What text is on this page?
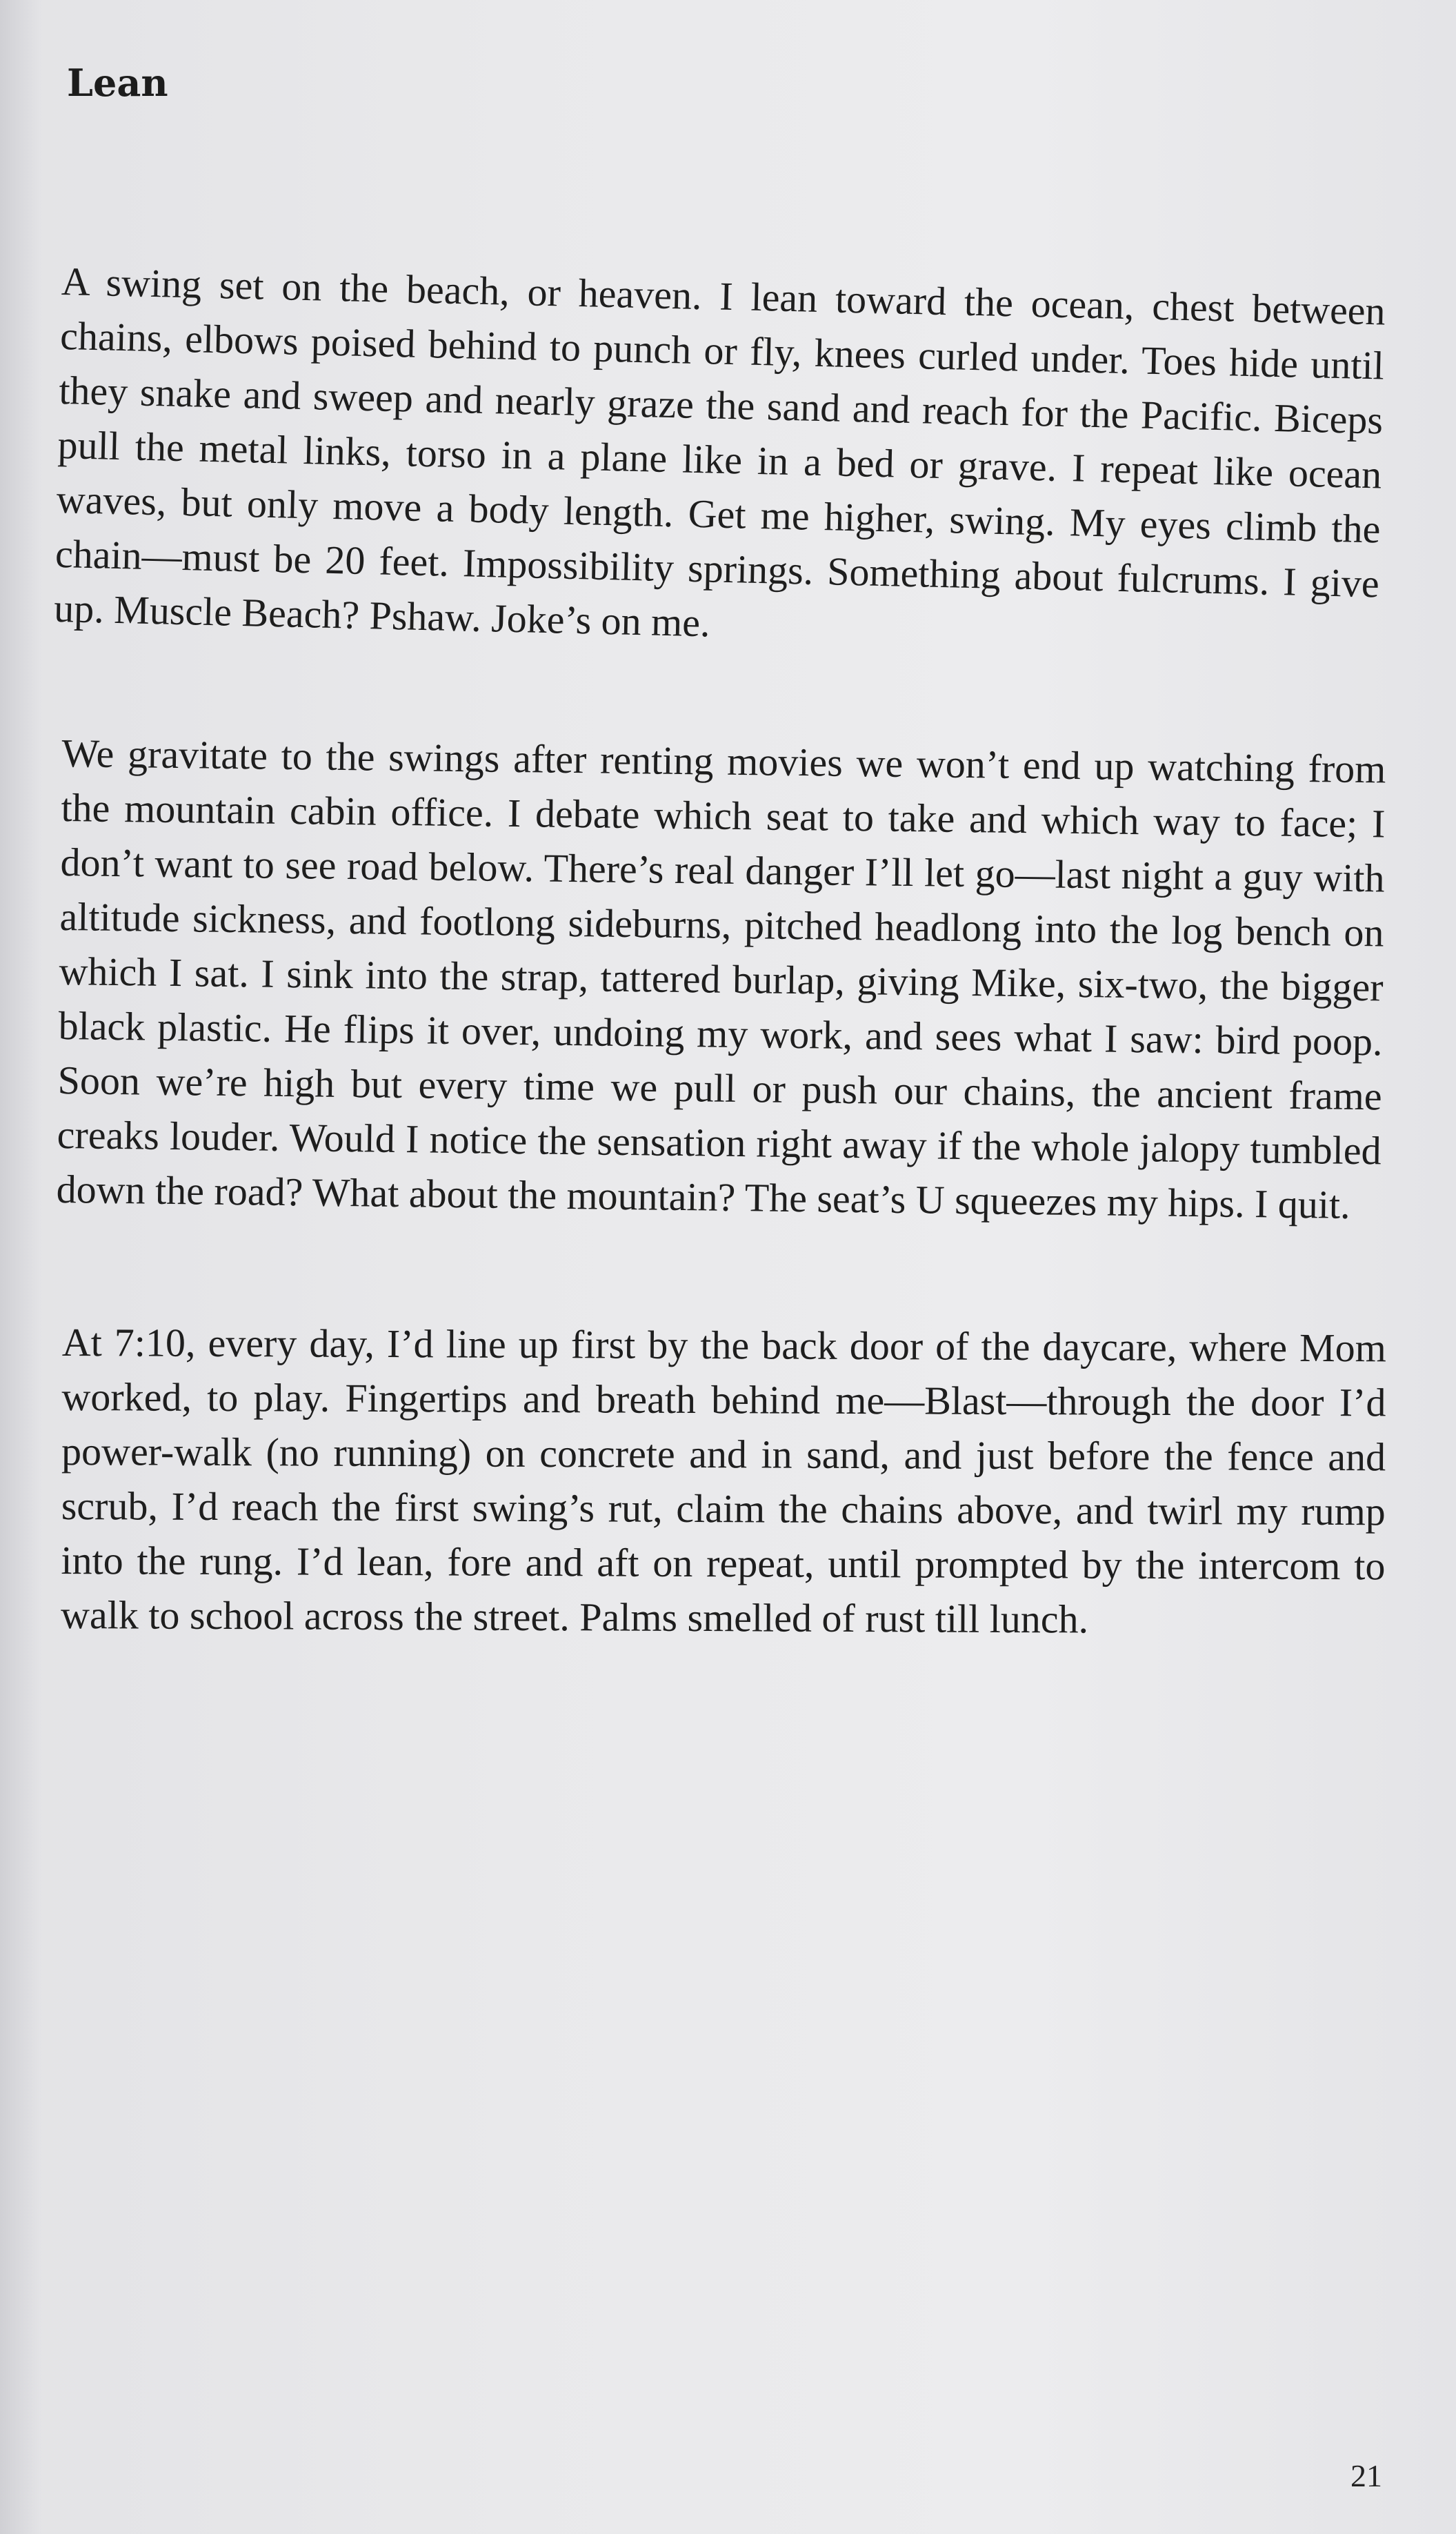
Lean

A swing set on the beach, or heaven. I lean toward the ocean, chest between chains, elbows poised behind to punch or fly, knees curled under. Toes hide until they snake and sweep and nearly graze the sand and reach for the Pacific. Biceps pull the metal links, torso in a plane like in a bed or grave. I repeat like ocean waves, but only move a body length. Get me higher, swing. My eyes climb the chain—must be 20 feet. Impossibility springs. Something about fulcrums. I give up. Muscle Beach? Pshaw. Joke’s on me.

We gravitate to the swings after renting movies we won’t end up watching from the mountain cabin office. I debate which seat to take and which way to face; I don’t want to see road below. There’s real danger I’ll let go—last night a guy with altitude sickness, and footlong sideburns, pitched headlong into the log bench on which I sat. I sink into the strap, tattered burlap, giving Mike, six-two, the bigger black plastic. He flips it over, undoing my work, and sees what I saw: bird poop. Soon we’re high but every time we pull or push our chains, the ancient frame creaks louder. Would I notice the sensation right away if the whole jalopy tumbled down the road? What about the mountain? The seat’s U squeezes my hips. I quit.

At 7:10, every day, I’d line up first by the back door of the daycare, where Mom worked, to play. Fingertips and breath behind me—Blast—through the door I’d power-walk (no running) on concrete and in sand, and just before the fence and scrub, I’d reach the first swing’s rut, claim the chains above, and twirl my rump into the rung. I’d lean, fore and aft on repeat, until prompted by the intercom to walk to school across the street. Palms smelled of rust till lunch.

21
